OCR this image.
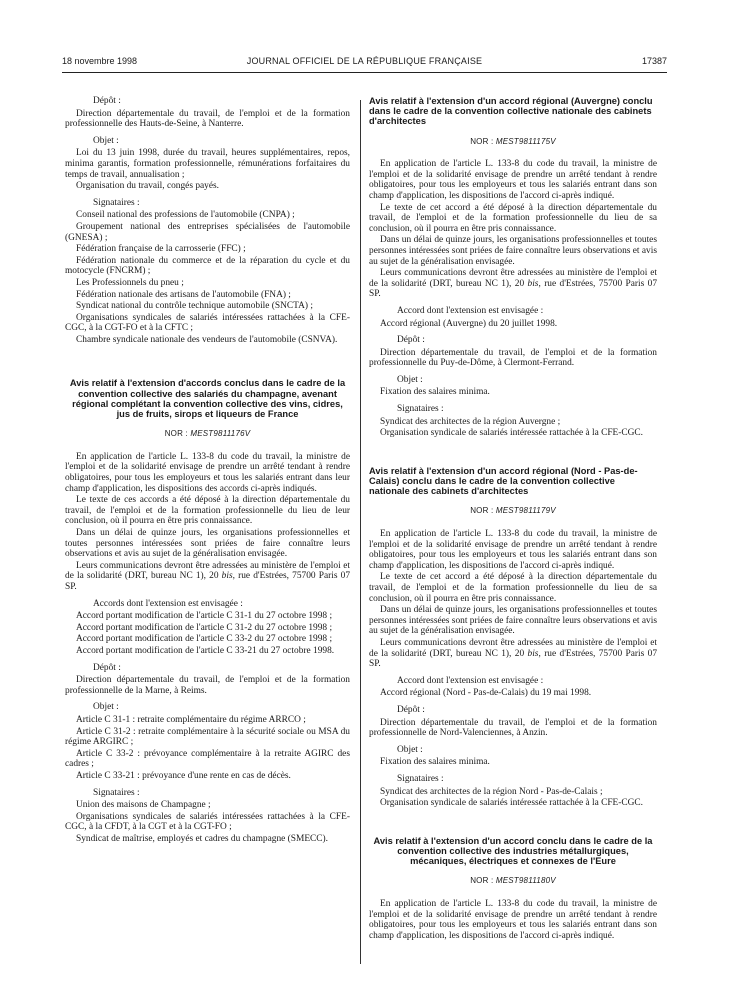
18 novembre 1998	JOURNAL OFFICIEL DE LA RÉPUBLIQUE FRANÇAISE	17387

Dépôt :

Direction départementale du travail, de l'emploi et de la formation professionnelle des Hauts-de-Seine, à Nanterre.

Objet :

Loi du 13 juin 1998, durée du travail, heures supplémentaires, repos, minima garantis, formation professionnelle, rémunérations forfaitaires du temps de travail, annualisation ;

Organisation du travail, congés payés.

Signataires :

Conseil national des professions de l'automobile (CNPA) ;

Groupement national des entreprises spécialisées de l'automobile (GNESA) ;

Fédération française de la carrosserie (FFC) ;

Fédération nationale du commerce et de la réparation du cycle et du motocycle (FNCRM) ;

Les Professionnels du pneu ;

Fédération nationale des artisans de l'automobile (FNA) ;

Syndicat national du contrôle technique automobile (SNCTA) ;

Organisations syndicales de salariés intéressées rattachées à la CFE-CGC, à la CGT-FO et à la CFTC ;

Chambre syndicale nationale des vendeurs de l'automobile (CSNVA).

Avis relatif à l'extension d'accords conclus dans le cadre de la convention collective des salariés du champagne, avenant régional complétant la convention collective des vins, cidres, jus de fruits, sirops et liqueurs de France

NOR : MESТ9811176V

En application de l'article L. 133-8 du code du travail, la ministre de l'emploi et de la solidarité envisage de prendre un arrêté tendant à rendre obligatoires, pour tous les employeurs et tous les salariés entrant dans leur champ d'application, les dispositions des accords ci-après indiqués.

Le texte de ces accords a été déposé à la direction départementale du travail, de l'emploi et de la formation professionnelle du lieu de leur conclusion, où il pourra en être pris connaissance.

Dans un délai de quinze jours, les organisations professionnelles et toutes personnes intéressées sont priées de faire connaître leurs observations et avis au sujet de la généralisation envisagée.

Leurs communications devront être adressées au ministère de l'emploi et de la solidarité (DRT, bureau NC 1), 20 bis, rue d'Estrées, 75700 Paris 07 SP.

Accords dont l'extension est envisagée :

Accord portant modification de l'article C 31-1 du 27 octobre 1998 ;

Accord portant modification de l'article C 31-2 du 27 octobre 1998 ;

Accord portant modification de l'article C 33-2 du 27 octobre 1998 ;

Accord portant modification de l'article C 33-21 du 27 octobre 1998.

Dépôt :

Direction départementale du travail, de l'emploi et de la formation professionnelle de la Marne, à Reims.

Objet :

Article C 31-1 : retraite complémentaire du régime ARRCO ;

Article C 31-2 : retraite complémentaire à la sécurité sociale ou MSA du régime ARGIRC ;

Article C 33-2 : prévoyance complémentaire à la retraite AGIRC des cadres ;

Article C 33-21 : prévoyance d'une rente en cas de décès.

Signataires :

Union des maisons de Champagne ;

Organisations syndicales de salariés intéressées rattachées à la CFE-CGC, à la CFDT, à la CGT et à la CGT-FO ;

Syndicat de maîtrise, employés et cadres du champagne (SMECC).

Avis relatif à l'extension d'un accord régional (Auvergne) conclu dans le cadre de la convention collective nationale des cabinets d'architectes

NOR : MEST9811175V

En application de l'article L. 133-8 du code du travail, la ministre de l'emploi et de la solidarité envisage de prendre un arrêté tendant à rendre obligatoires, pour tous les employeurs et tous les salariés entrant dans son champ d'application, les dispositions de l'accord ci-après indiqué.

Le texte de cet accord a été déposé à la direction départementale du travail, de l'emploi et de la formation professionnelle du lieu de sa conclusion, où il pourra en être pris connaissance.

Dans un délai de quinze jours, les organisations professionnelles et toutes personnes intéressées sont priées de faire connaître leurs observations et avis au sujet de la généralisation envisagée.

Leurs communications devront être adressées au ministère de l'emploi et de la solidarité (DRT, bureau NC 1), 20 bis, rue d'Estrées, 75700 Paris 07 SP.

Accord dont l'extension est envisagée :

Accord régional (Auvergne) du 20 juillet 1998.

Dépôt :

Direction départementale du travail, de l'emploi et de la formation professionnelle du Puy-de-Dôme, à Clermont-Ferrand.

Objet :

Fixation des salaires minima.

Signataires :

Syndicat des architectes de la région Auvergne ;

Organisation syndicale de salariés intéressée rattachée à la CFE-CGC.

Avis relatif à l'extension d'un accord régional (Nord - Pas-de-Calais) conclu dans le cadre de la convention collective nationale des cabinets d'architectes

NOR : MEST9811179V

En application de l'article L. 133-8 du code du travail, la ministre de l'emploi et de la solidarité envisage de prendre un arrêté tendant à rendre obligatoires, pour tous les employeurs et tous les salariés entrant dans son champ d'application, les dispositions de l'accord ci-après indiqué.

Le texte de cet accord a été déposé à la direction départementale du travail, de l'emploi et de la formation professionnelle du lieu de sa conclusion, où il pourra en être pris connaissance.

Dans un délai de quinze jours, les organisations professionnelles et toutes personnes intéressées sont priées de faire connaître leurs observations et avis au sujet de la généralisation envisagée.

Leurs communications devront être adressées au ministère de l'emploi et de la solidarité (DRT, bureau NC 1), 20 bis, rue d'Estrées, 75700 Paris 07 SP.

Accord dont l'extension est envisagée :

Accord régional (Nord - Pas-de-Calais) du 19 mai 1998.

Dépôt :

Direction départementale du travail, de l'emploi et de la formation professionnelle de Nord-Valenciennes, à Anzin.

Objet :

Fixation des salaires minima.

Signataires :

Syndicat des architectes de la région Nord - Pas-de-Calais ;

Organisation syndicale de salariés intéressée rattachée à la CFE-CGC.

Avis relatif à l'extension d'un accord conclu dans le cadre de la convention collective des industries métallurgiques, mécaniques, électriques et connexes de l'Eure

NOR : MEST9811180V

En application de l'article L. 133-8 du code du travail, la ministre de l'emploi et de la solidarité envisage de prendre un arrêté tendant à rendre obligatoires, pour tous les employeurs et tous les salariés entrant dans son champ d'application, les dispositions de l'accord ci-après indiqué.
